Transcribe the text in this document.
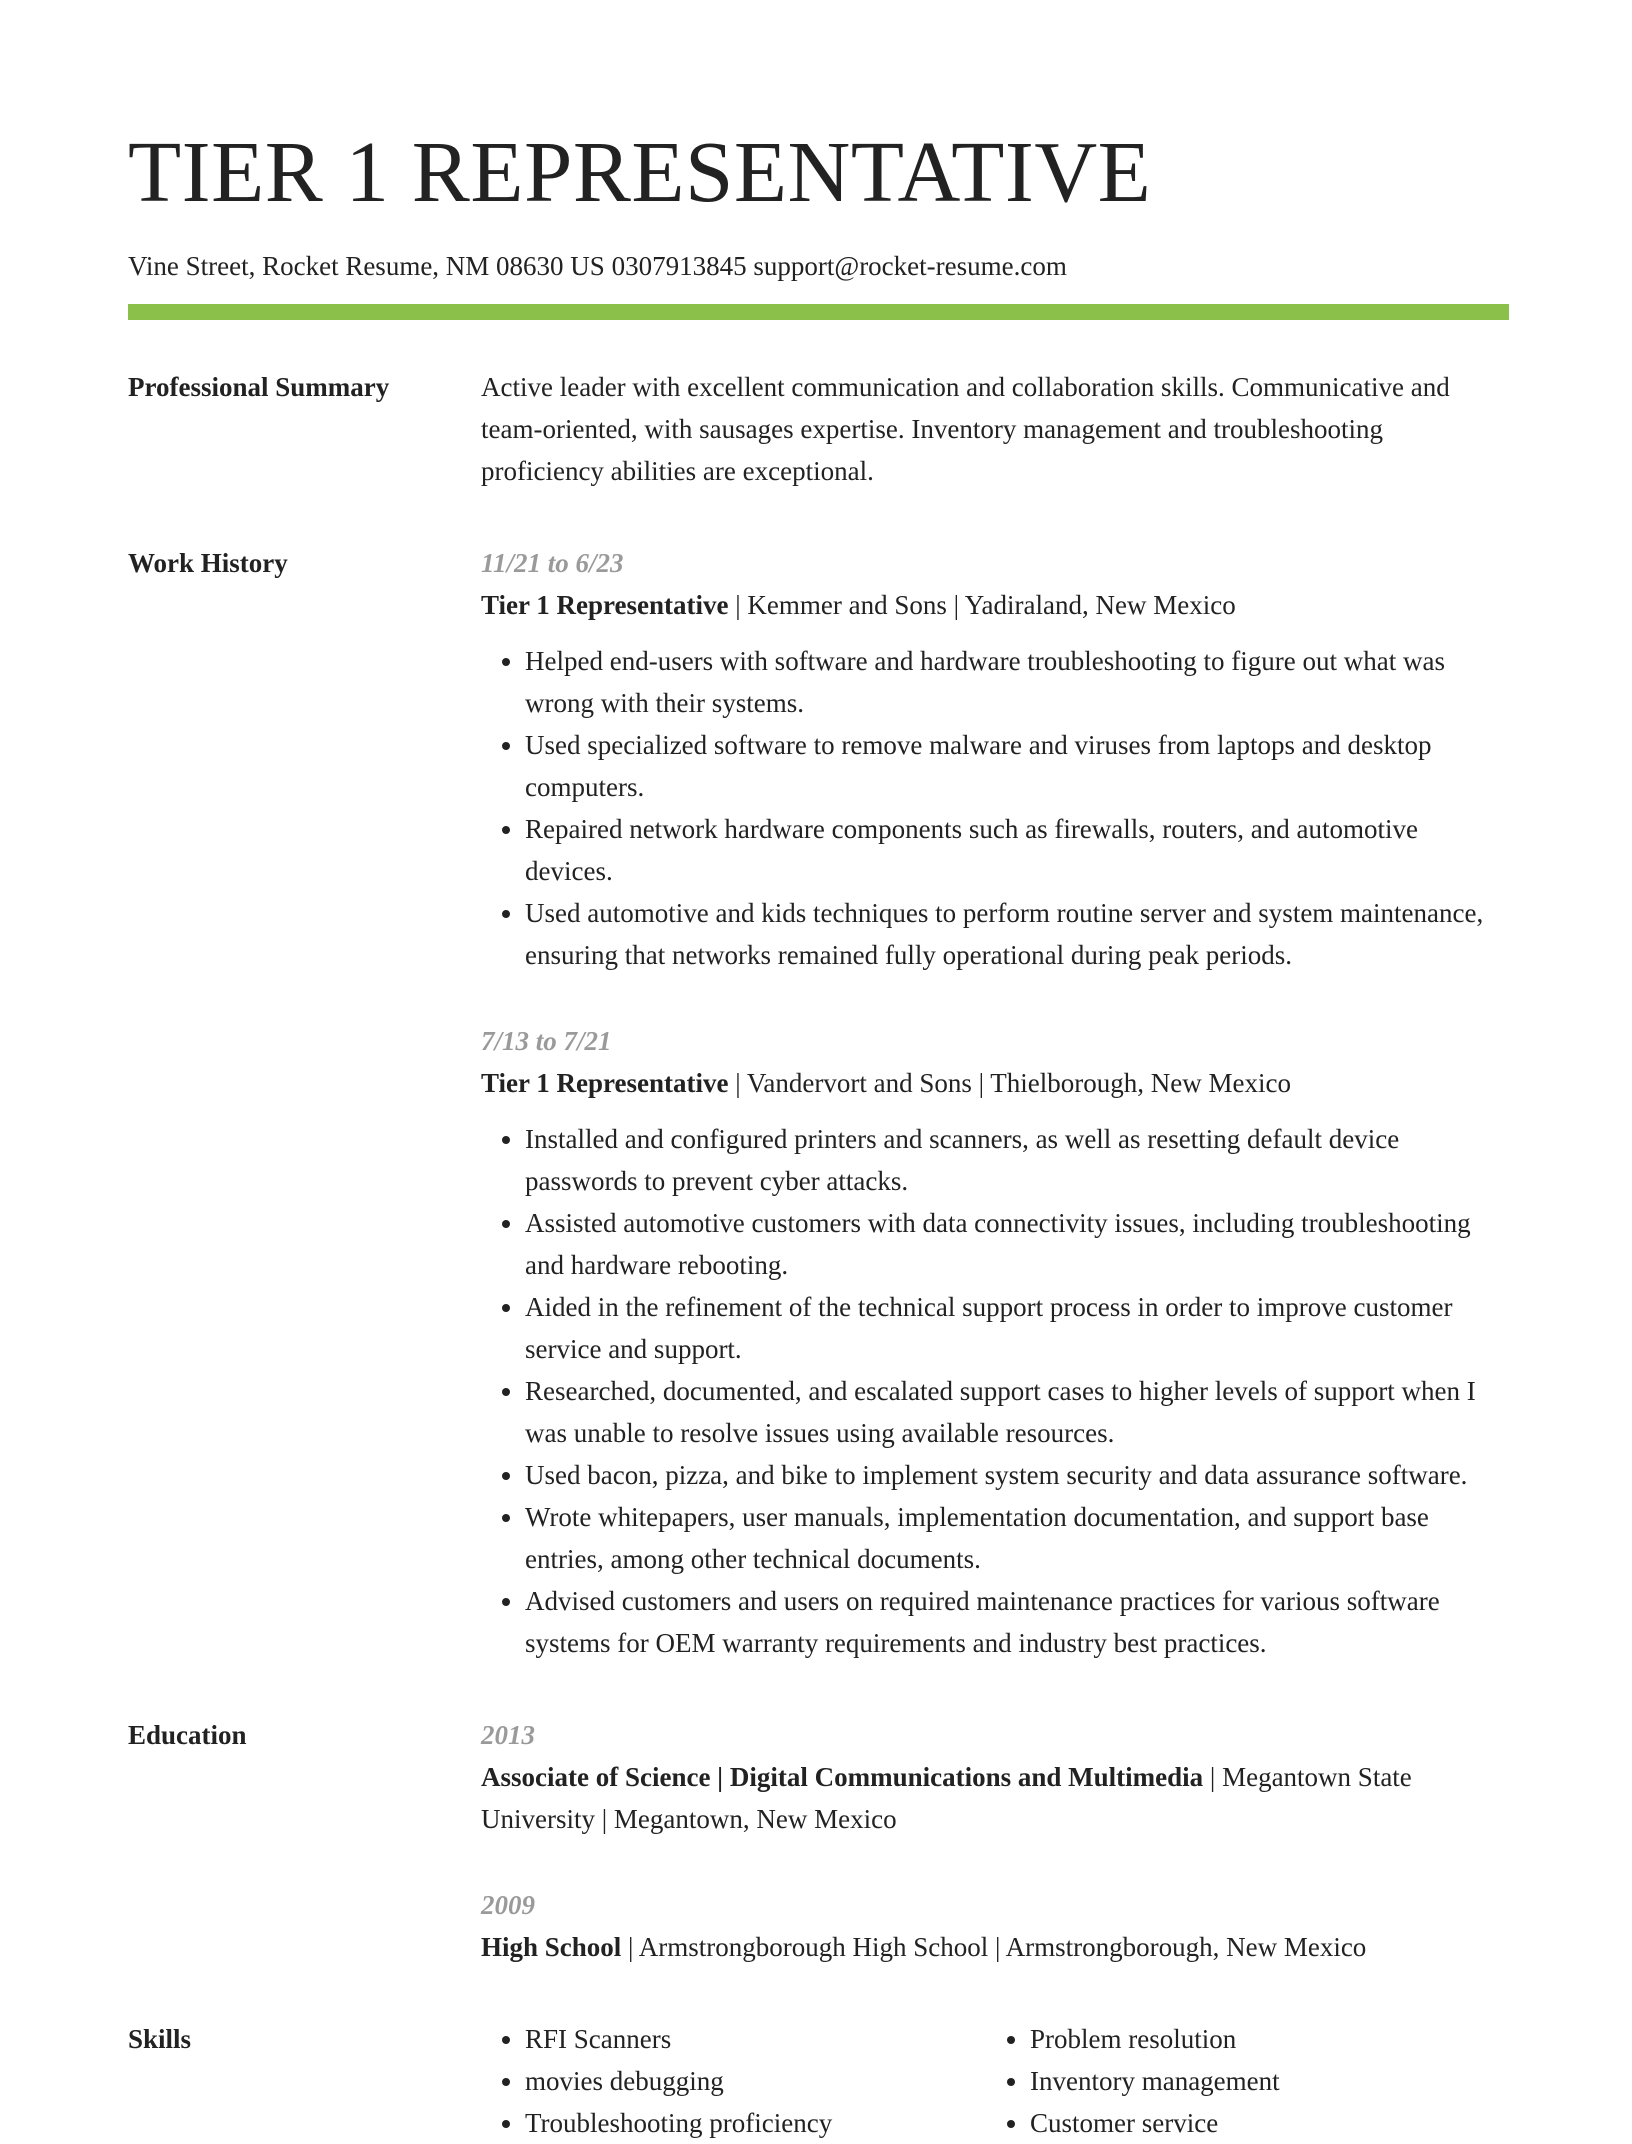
TIER 1 REPRESENTATIVE
Vine Street, Rocket Resume, NM 08630 US 0307913845 support@rocket-resume.com
Professional Summary	Active leader with excellent communication and collaboration skills. Communicative and team-oriented, with sausages expertise. Inventory management and troubleshooting proficiency abilities are exceptional.

Work History	11/21 to 6/23

Tier 1 Representative | Kemmer and Sons | Yadiraland, New Mexico

• Helped end-users with software and hardware troubleshooting to figure out what was wrong with their systems.
• Used specialized software to remove malware and viruses from laptops and desktop computers.
• Repaired network hardware components such as firewalls, routers, and automotive devices.
• Used automotive and kids techniques to perform routine server and system maintenance, ensuring that networks remained fully operational during peak periods.
7/13 to 7/21

Tier 1 Representative | Vandervort and Sons | Thielborough, New Mexico

• Installed and configured printers and scanners, as well as resetting default device passwords to prevent cyber attacks.
• Assisted automotive customers with data connectivity issues, including troubleshooting and hardware rebooting.
• Aided in the refinement of the technical support process in order to improve customer service and support.
• Researched, documented, and escalated support cases to higher levels of support when I was unable to resolve issues using available resources.
• Used bacon, pizza, and bike to implement system security and data assurance software.
• Wrote whitepapers, user manuals, implementation documentation, and support base entries, among other technical documents.
• Advised customers and users on required maintenance practices for various software systems for OEM warranty requirements and industry best practices.
Education	2013

Associate of Science | Digital Communications and Multimedia | Megantown State University | Megantown, New Mexico

2009

High School | Armstrongborough High School | Armstrongborough, New Mexico

Skills
•	RFI Scanners
• movies debugging
• Troubleshooting proficiency
• Problem resolution
• Inventory management
• Customer service
